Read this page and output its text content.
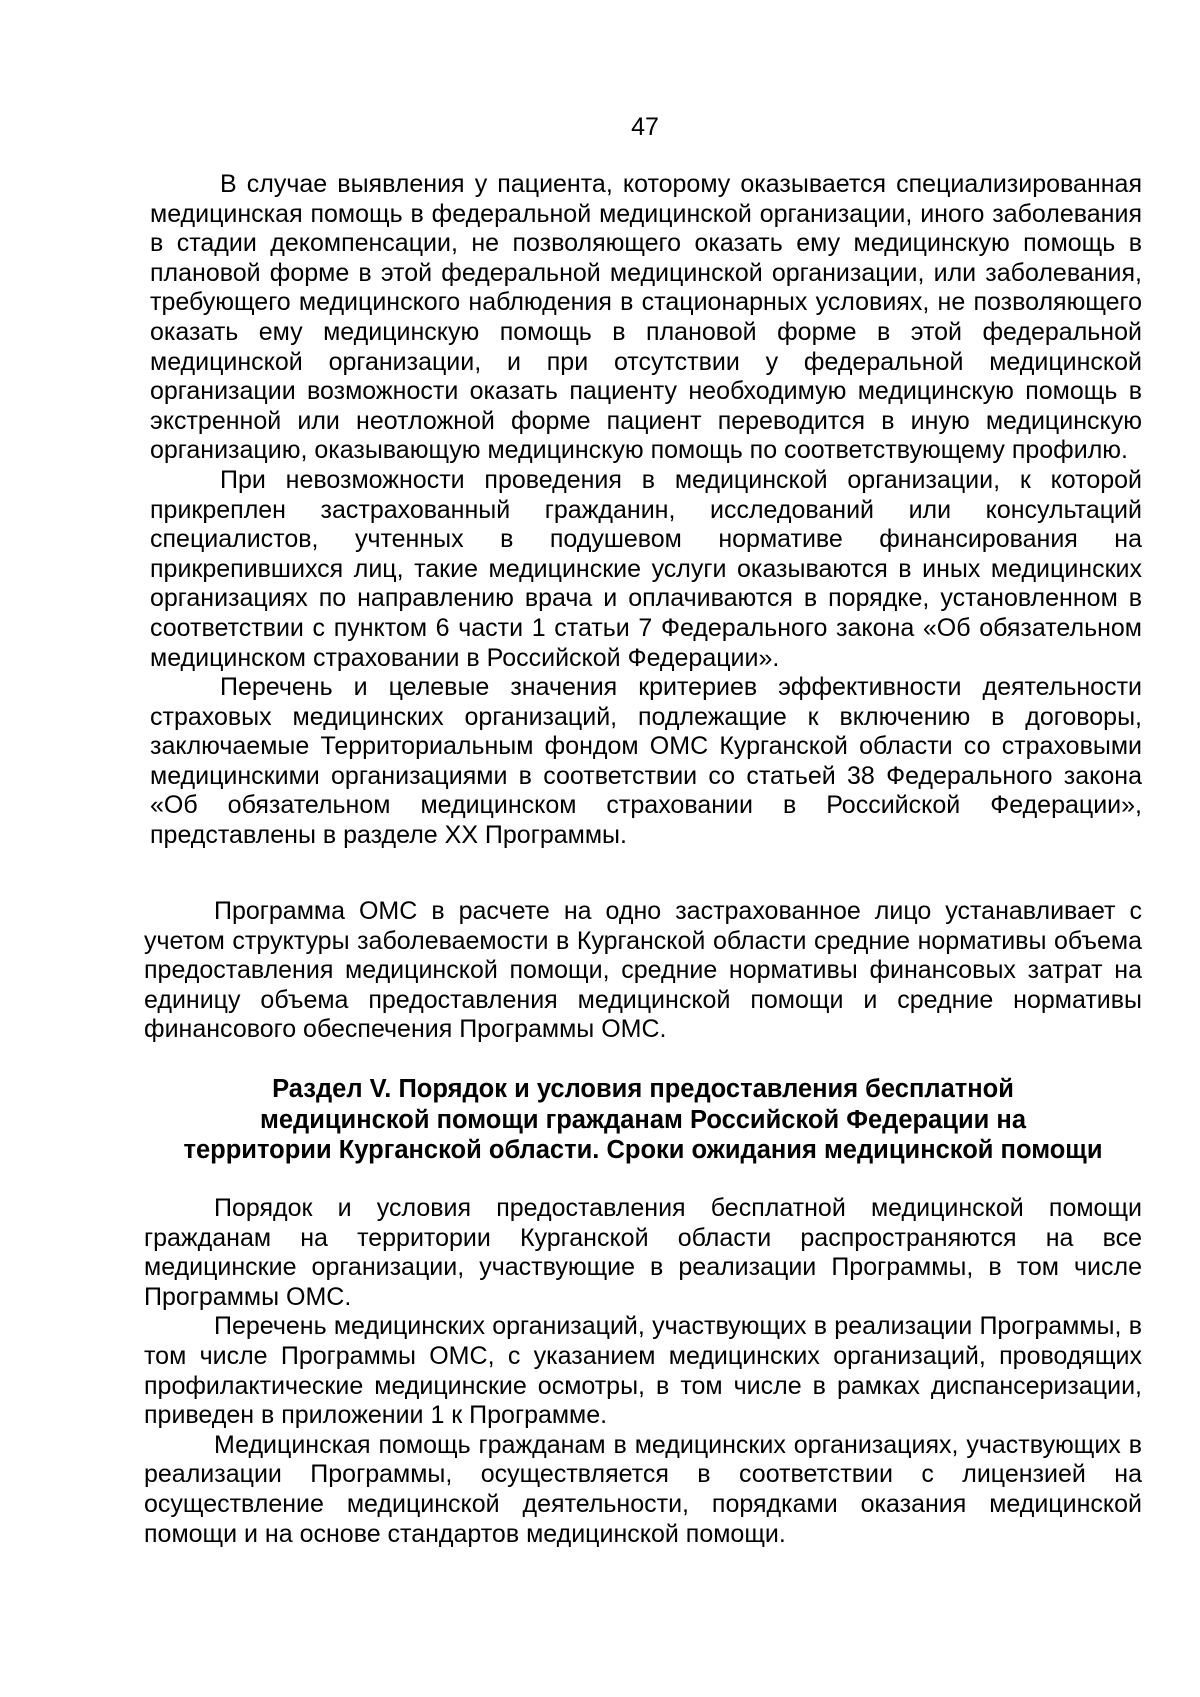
47

В случае выявления у пациента, которому оказывается специализированная медицинская помощь в федеральной медицинской организации, иного заболевания в стадии декомпенсации, не позволяющего оказать ему медицинскую помощь в плановой форме в этой федеральной медицинской организации, или заболевания, требующего медицинского наблюдения в стационарных условиях, не позволяющего оказать ему медицинскую помощь в плановой форме в этой федеральной медицинской организации, и при отсутствии у федеральной медицинской организации возможности оказать пациенту необходимую медицинскую помощь в экстренной или неотложной форме пациент переводится в иную медицинскую организацию, оказывающую медицинскую помощь по соответствующему профилю.

При невозможности проведения в медицинской организации, к которой прикреплен застрахованный гражданин, исследований или консультаций специалистов, учтенных в подушевом нормативе финансирования на прикрепившихся лиц, такие медицинские услуги оказываются в иных медицинских организациях по направлению врача и оплачиваются в порядке, установленном в соответствии с пунктом 6 части 1 статьи 7 Федерального закона «Об обязательном медицинском страховании в Российской Федерации».

Перечень и целевые значения критериев эффективности деятельности страховых медицинских организаций, подлежащие к включению в договоры, заключаемые Территориальным фондом ОМС Курганской области со страховыми медицинскими организациями в соответствии со статьей 38 Федерального закона «Об обязательном медицинском страховании в Российской Федерации», представлены в разделе XX Программы.

Программа ОМС в расчете на одно застрахованное лицо устанавливает с учетом структуры заболеваемости в Курганской области средние нормативы объема предоставления медицинской помощи, средние нормативы финансовых затрат на единицу объема предоставления медицинской помощи и средние нормативы финансового обеспечения Программы ОМС.

Раздел V. Порядок и условия предоставления бесплатной
медицинской помощи гражданам Российской Федерации на
территории Курганской области. Сроки ожидания медицинской помощи

Порядок и условия предоставления бесплатной медицинской помощи гражданам на территории Курганской области распространяются на все медицинские организации, участвующие в реализации Программы, в том числе Программы ОМС.

Перечень медицинских организаций, участвующих в реализации Программы, в том числе Программы ОМС, с указанием медицинских организаций, проводящих профилактические медицинские осмотры, в том числе в рамках диспансеризации, приведен в приложении 1 к Программе.

Медицинская помощь гражданам в медицинских организациях, участвующих в реализации Программы, осуществляется в соответствии с лицензией на осуществление медицинской деятельности, порядками оказания медицинской помощи и на основе стандартов медицинской помощи.
